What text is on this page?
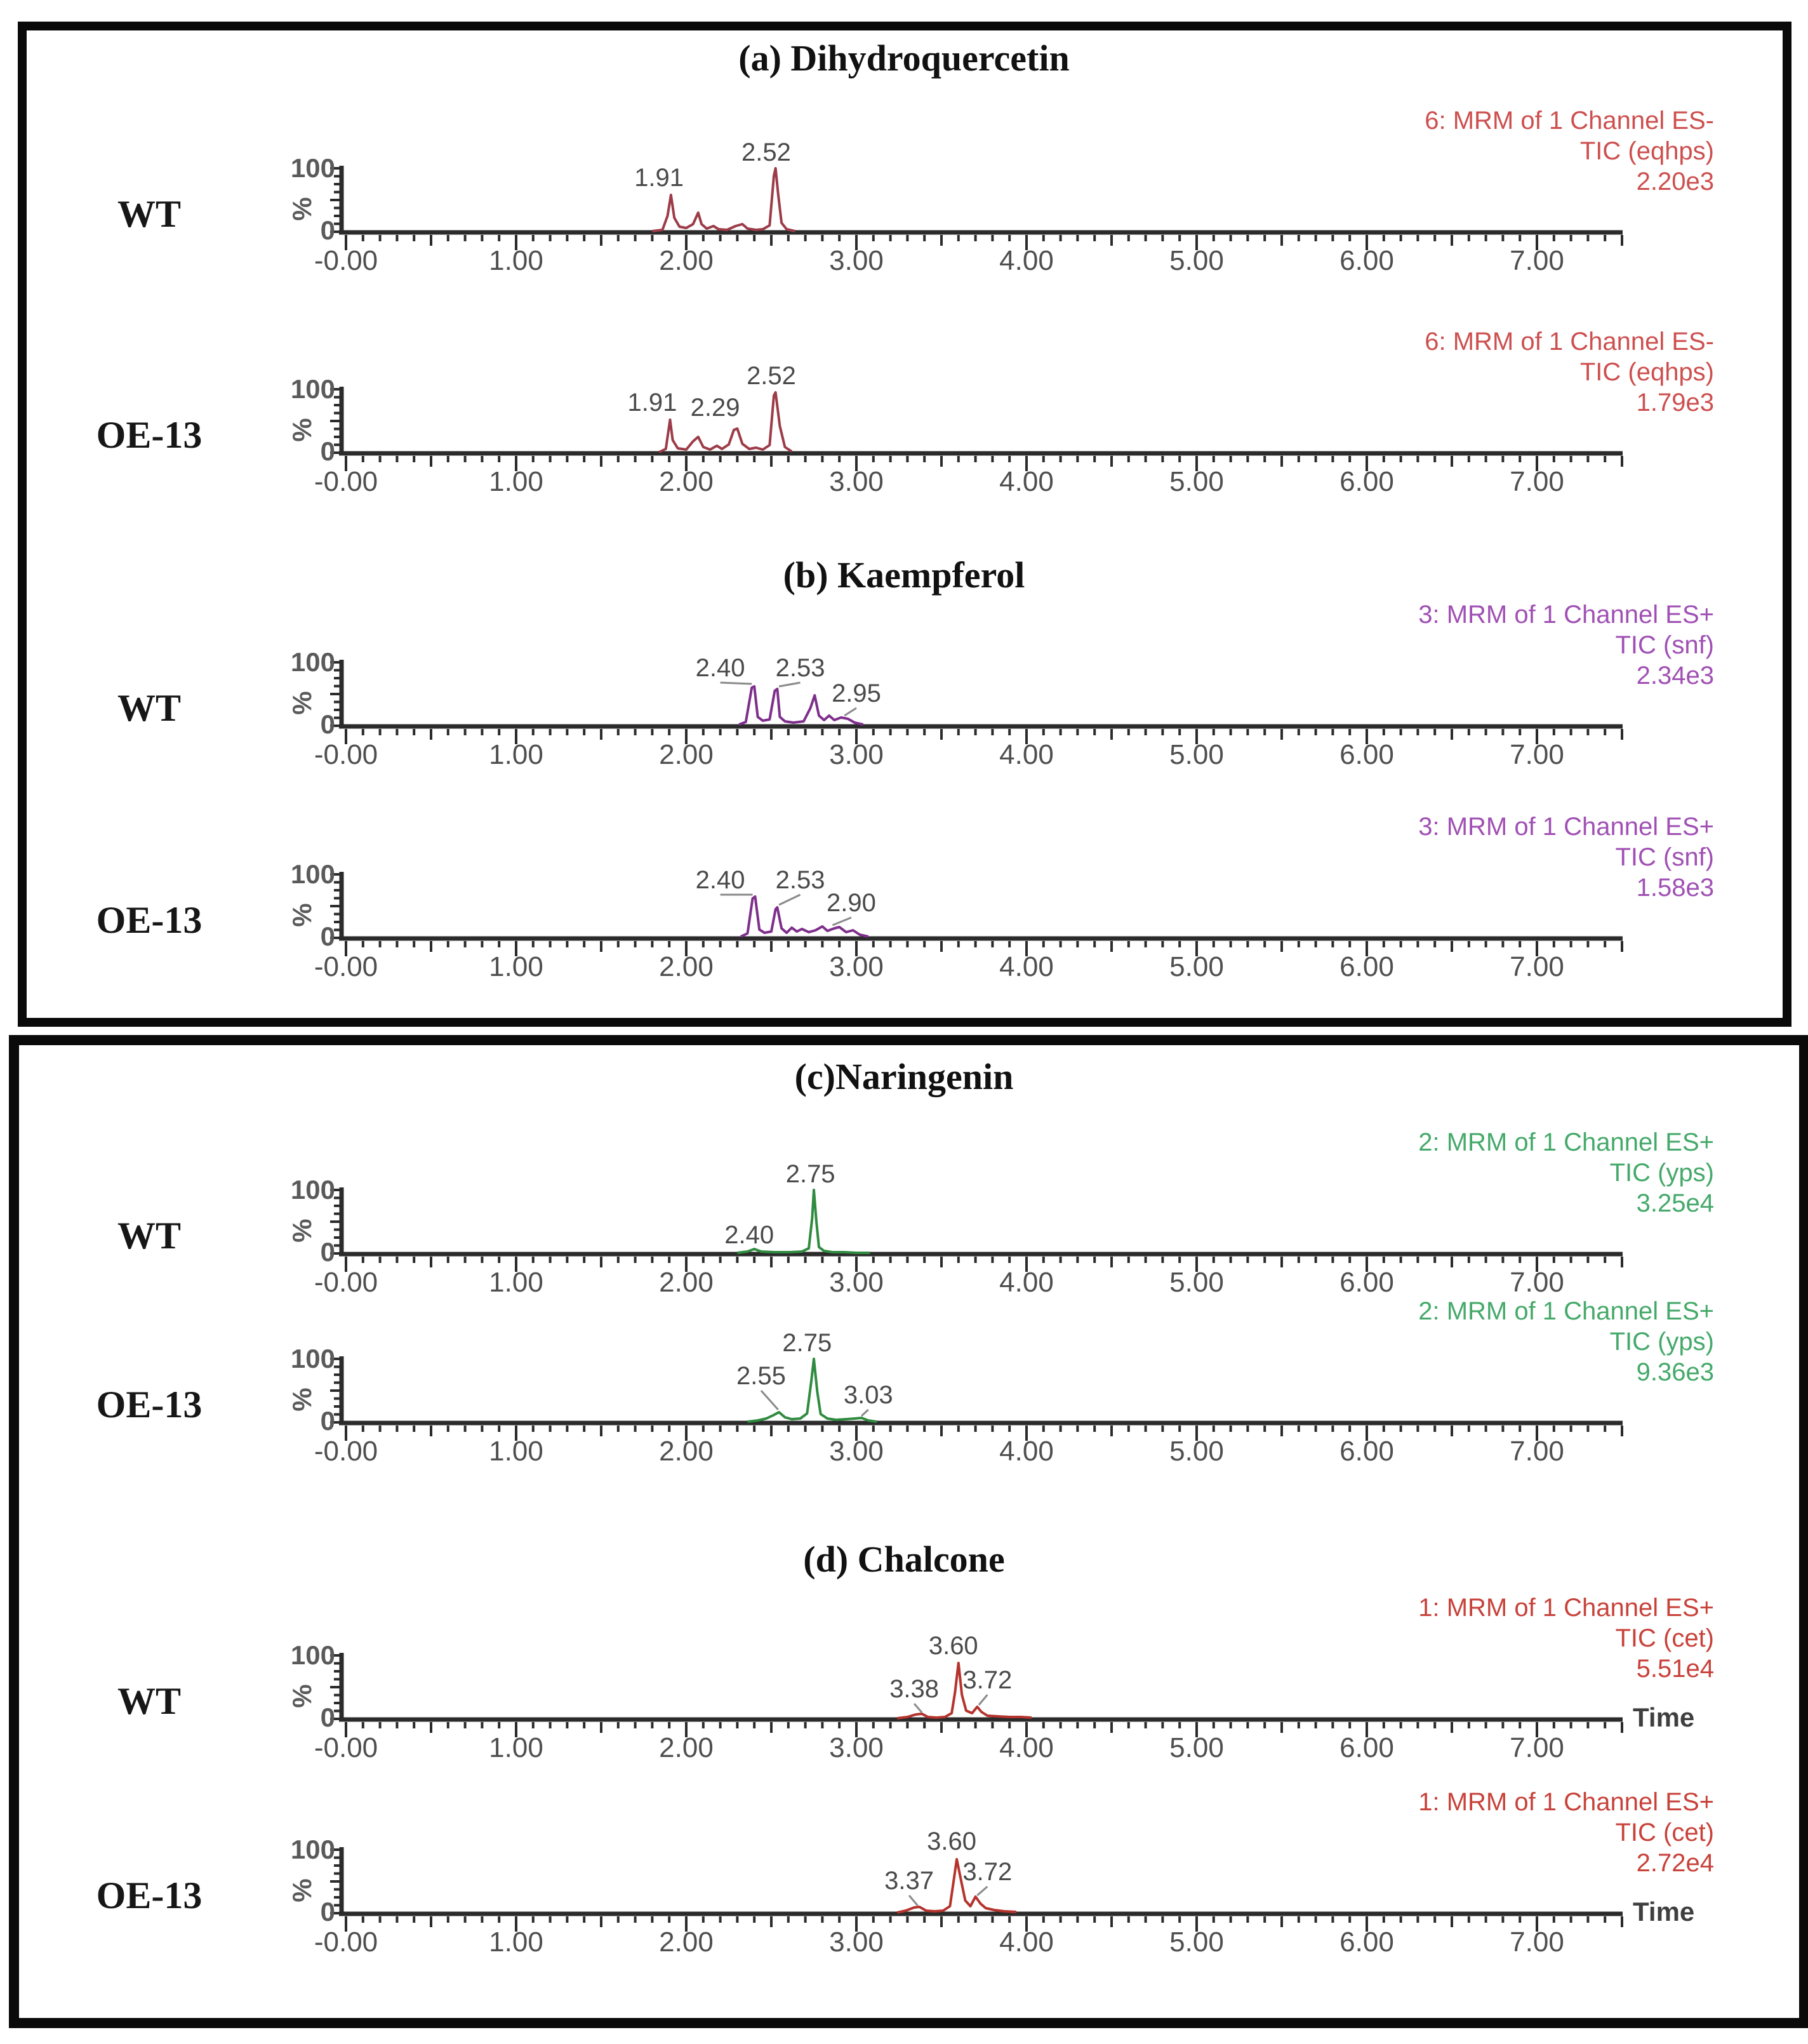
(a) Dihydroquercetin
(b) Kaempferol
(c)Naringenin
(d) Chalcone
WT
OE-13
WT
OE-13
WT
OE-13
WT
OE-13
-0.00	1.00	2.00	3.00	4.00	5.00	6.00	7.00
100
0
%
6: MRM of 1 Channel ES-
TIC (eqhps)
2.20e3
1.91
2.52
-0.00	1.00	2.00	3.00	4.00	5.00	6.00	7.00
100
0
%
6: MRM of 1 Channel ES-
TIC (eqhps)
1.79e3
1.91 2.29
2.52
-0.00	1.00	2.00	3.00	4.00	5.00	6.00	7.00
100
0
%
3: MRM of 1 Channel ES+
TIC (snf)
2.34e3
2.40 2.53
2.95
-0.00	1.00	2.00	3.00	4.00	5.00	6.00	7.00
100
0
%
3: MRM of 1 Channel ES+
TIC (snf)
1.58e3
2.40 2.53
2.90
-0.00	1.00	2.00	3.00	4.00	5.00	6.00	7.00
100
0
%
2: MRM of 1 Channel ES+
TIC (yps)
3.25e4
2.75
2.40
-0.00	1.00	2.00	3.00	4.00	5.00	6.00	7.00
100
0
%
2: MRM of 1 Channel ES+
TIC (yps)
9.36e3
2.75
2.55
3.03
-0.00	1.00	2.00	3.00	4.00	5.00	6.00	7.00
100
0
%
1: MRM of 1 Channel ES+
TIC (cet)
5.51e4
Time
3.60
3.38 3.72
-0.00	1.00	2.00	3.00	4.00	5.00	6.00	7.00
100
0
%
1: MRM of 1 Channel ES+
TIC (cet)
2.72e4
Time
3.60
3.37 3.72
